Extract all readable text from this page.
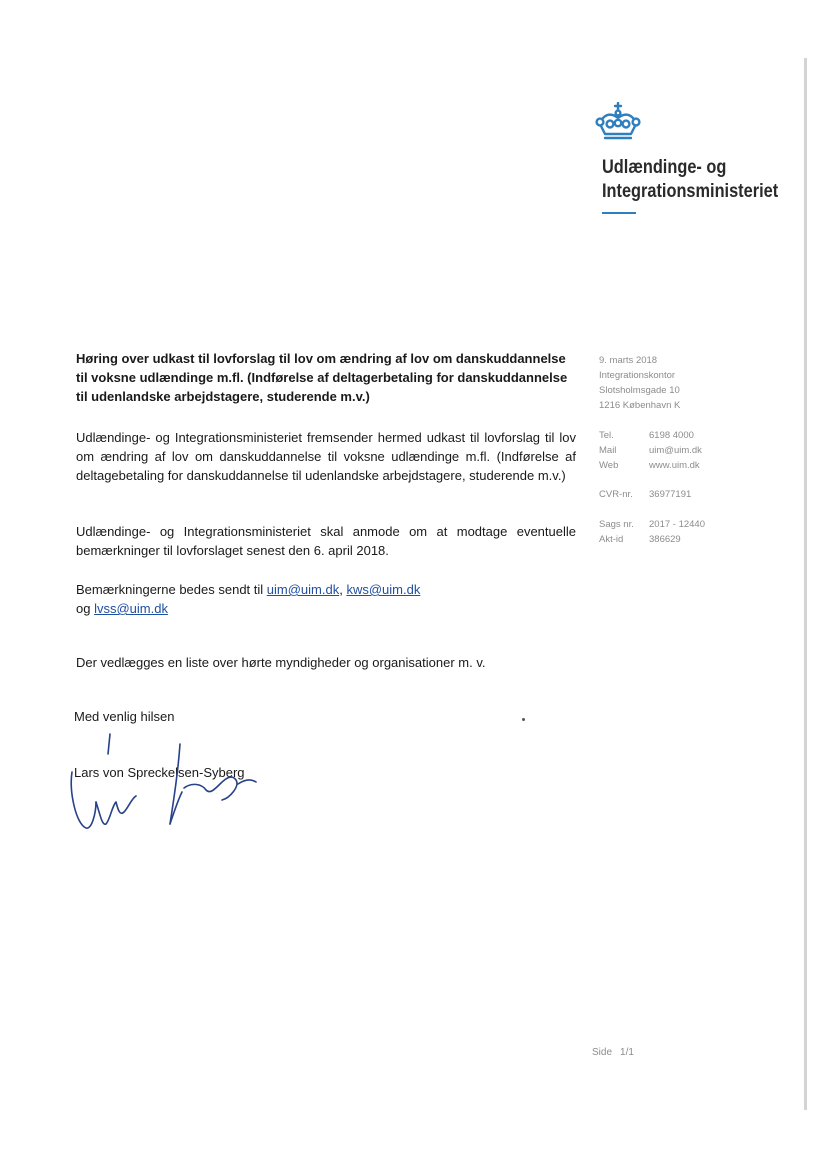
Udlændinge- og
Integrationsministeriet
Høring over udkast til lovforslag til lov om ændring af lov om danskuddannelse
til voksne udlændinge m.fl. (Indførelse af deltagerbetaling for danskuddannelse
til udenlandske arbejdstagere, studerende m.v.)
Udlændinge- og Integrationsministeriet fremsender hermed udkast til lovforslag til lov om ændring af lov om danskuddannelse til voksne udlændinge m.fl. (Indførelse af deltagebetaling for danskuddannelse til udenlandske arbejdstagere, studerende m.v.)
Udlændinge- og Integrationsministeriet skal anmode om at modtage eventuelle bemærkninger til lovforslaget senest den 6. april 2018.
Bemærkningerne bedes sendt til uim@uim.dk, kws@uim.dk
og lvss@uim.dk
Der vedlægges en liste over hørte myndigheder og organisationer m. v.
Med venlig hilsen
Lars von Spreckelsen-Syberg
9. marts 2018
Integrationskontor
Slotsholmsgade 10
1216 København K
Tel.	6198 4000
Mail	uim@uim.dk
Web	www.uim.dk
CVR-nr. 36977191
Sags nr. 2017 - 12440
Akt-id	386629
Side 1/1
